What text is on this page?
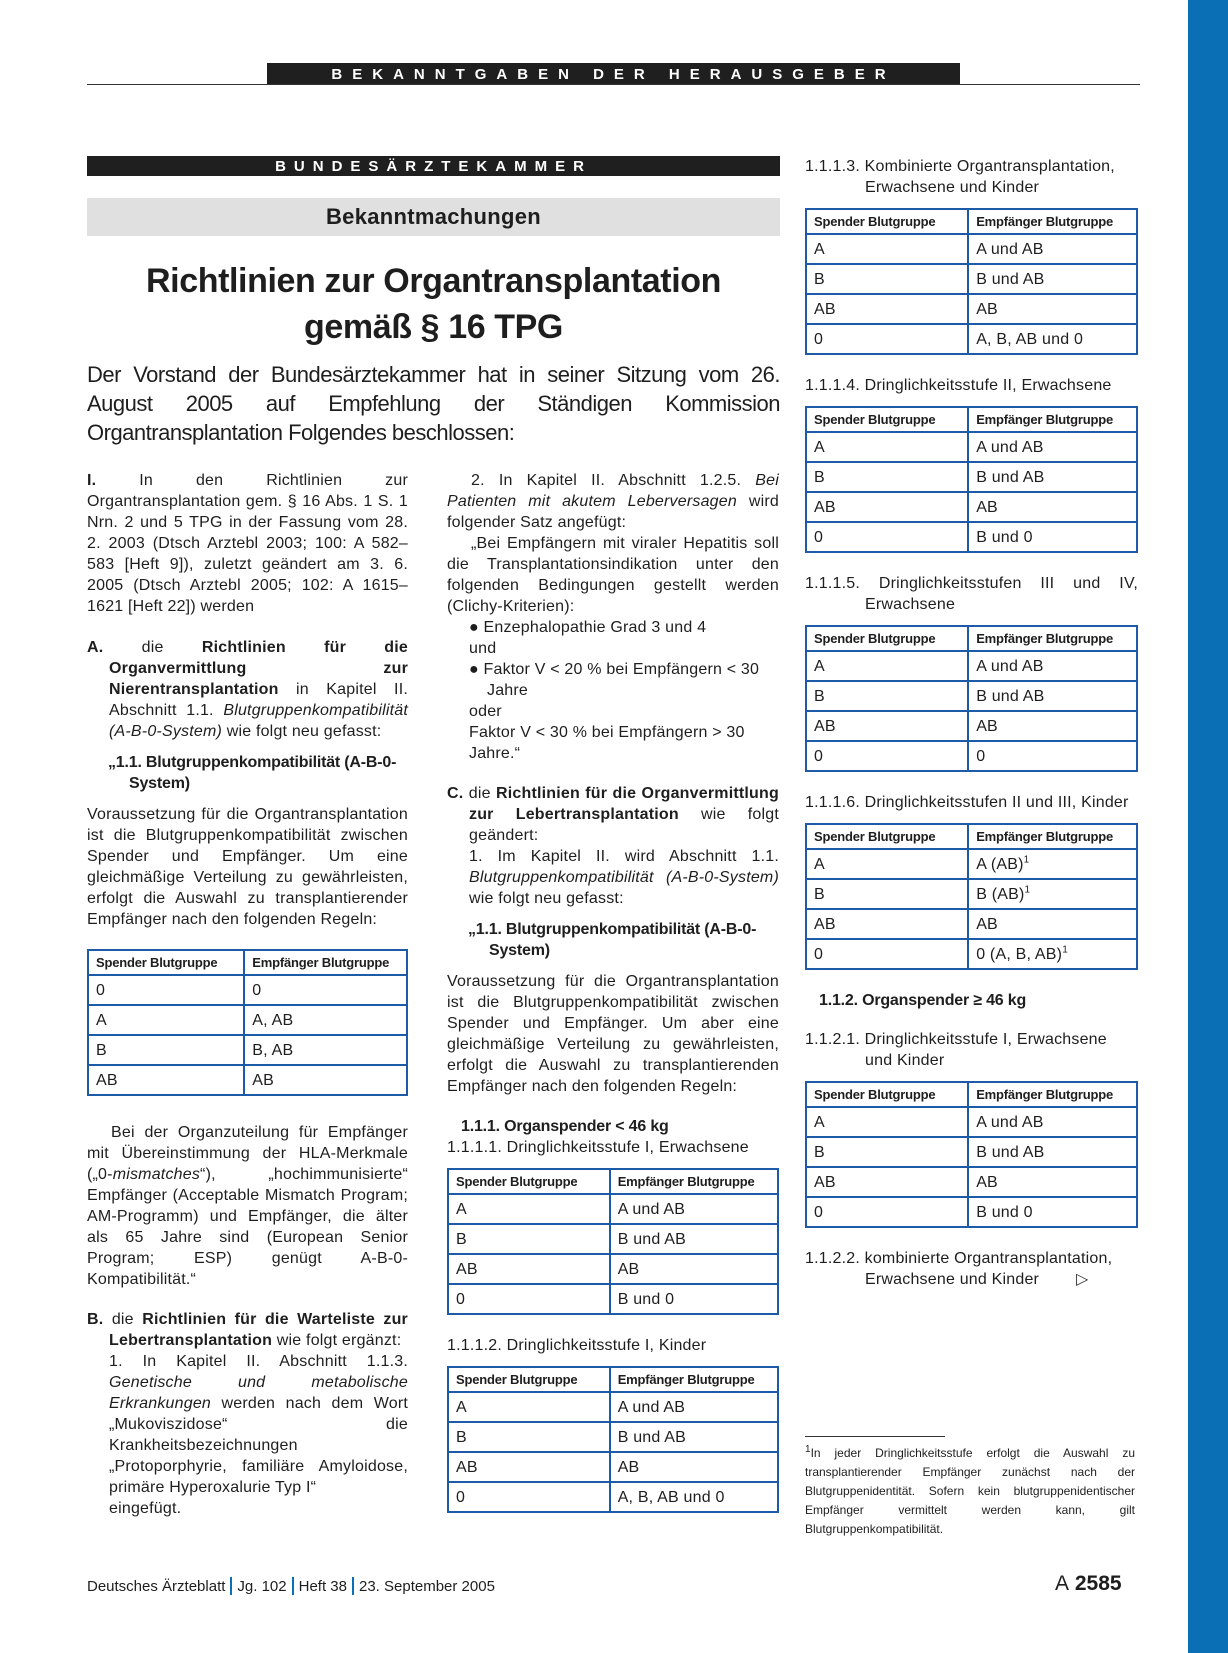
BEKANNTGABEN DER HERAUSGEBER
BUNDESÄRZTEKAMMER
Bekanntmachungen
Richtlinien zur Organtransplantation
gemäß § 16 TPG
Der Vorstand der Bundesärztekammer hat in seiner Sitzung vom 26. August 2005 auf Empfehlung der Ständigen Kommission Organtransplantation Folgendes beschlossen:

I.	In den Richtlinien zur Organtransplantation gem. § 16 Abs. 1 S. 1 Nrn. 2 und 5 TPG in der Fassung vom 28. 2. 2003 (Dtsch Arztebl 2003; 100: A 582–583 [Heft 9]), zuletzt geändert am 3. 6. 2005 (Dtsch Arztebl 2005; 102: A 1615–1621 [Heft 22]) werden

A. die Richtlinien für die Organvermittlung zur Nierentransplantation in Kapitel II. Abschnitt 1.1. Blutgruppenkompatibilität (A-B-0-System) wie folgt neu gefasst:

„1.1. Blutgruppenkompatibilität (A-B-0-System)

Voraussetzung für die Organtransplantation ist die Blutgruppenkompatibilität zwischen Spender und Empfänger. Um eine gleichmäßige Verteilung zu gewährleisten, erfolgt die Auswahl zu transplantierender Empfänger nach den folgenden Regeln:

Spender Blutgruppe	Empfänger Blutgruppe
0	0
A	A, AB
B	B, AB
AB	AB

Bei der Organzuteilung für Empfänger mit Übereinstimmung der HLA-Merkmale („0-mismatches“), „hochimmunisierte“ Empfänger (Acceptable Mismatch Program; AM-Programm) und Empfänger, die älter als 65 Jahre sind (European Senior Program; ESP) genügt A-B-0-Kompatibilität.“

B. die Richtlinien für die Warteliste zur Lebertransplantation wie folgt ergänzt:

1. In Kapitel II. Abschnitt 1.1.3. Genetische und metabolische Erkrankungen werden nach dem Wort „Mukoviszidose“ die Krankheitsbezeichnungen

„Protoporphyrie, familiäre Amyloidose, primäre Hyperoxalurie Typ I“

eingefügt.

2. In Kapitel II. Abschnitt 1.2.5. Bei Patienten mit akutem Leberversagen wird folgender Satz angefügt:

„Bei Empfängern mit viraler Hepatitis soll die Transplantationsindikation unter den folgenden Bedingungen gestellt werden (Clichy-Kriterien):

● Enzephalopathie Grad 3 und 4

und

● Faktor V < 20 % bei Empfängern < 30 Jahre

oder

Faktor V < 30 % bei Empfängern > 30 Jahre.“

C. die Richtlinien für die Organvermittlung zur Lebertransplantation wie folgt geändert:

1. Im Kapitel II. wird Abschnitt 1.1. Blutgruppenkompatibilität (A-B-0-System) wie folgt neu gefasst:

„1.1. Blutgruppenkompatibilität (A-B-0-System)

Voraussetzung für die Organtransplantation ist die Blutgruppenkompatibilität zwischen Spender und Empfänger. Um aber eine gleichmäßige Verteilung zu gewährleisten, erfolgt die Auswahl zu transplantierenden Empfänger nach den folgenden Regeln:

1.1.1. Organspender < 46 kg

1.1.1.1. Dringlichkeitsstufe I, Erwachsene

Spender Blutgruppe	Empfänger Blutgruppe
A	A und AB
B	B und AB
AB	AB
0	B und 0

1.1.1.2. Dringlichkeitsstufe I, Kinder

Spender Blutgruppe	Empfänger Blutgruppe
A	A und AB
B	B und AB
AB	AB
0	A, B, AB und 0

1.1.1.3. Kombinierte Organtransplantation, Erwachsene und Kinder

Spender Blutgruppe	Empfänger Blutgruppe
A	A und AB
B	B und AB
AB	AB
0	A, B, AB und 0

1.1.1.4. Dringlichkeitsstufe II, Erwachsene

Spender Blutgruppe	Empfänger Blutgruppe
A	A und AB
B	B und AB
AB	AB
0	B und 0

1.1.1.5. Dringlichkeitsstufen III und IV, Erwachsene

Spender Blutgruppe	Empfänger Blutgruppe
A	A und AB
B	B und AB
AB	AB
0	0

1.1.1.6. Dringlichkeitsstufen II und III, Kinder

Spender Blutgruppe	Empfänger Blutgruppe
A	A (AB)$^1$
B	B (AB)$^1$
AB	AB
0	0 (A, B, AB)$^1$

1.1.2. Organspender ≥ 46 kg

1.1.2.1. Dringlichkeitsstufe I, Erwachsene und Kinder

Spender Blutgruppe	Empfänger Blutgruppe
A	A und AB
B	B und AB
AB	AB
0	B und 0

1.1.2.2. kombinierte Organtransplantation, Erwachsene und Kinder ▷

$^1$In jeder Dringlichkeitsstufe erfolgt die Auswahl zu transplantierender Empfänger zunächst nach der Blutgruppenidentität. Sofern kein blutgruppenidentischer Empfänger vermittelt werden kann, gilt Blutgruppenkompatibilität.
Deutsches Ärzteblatt Jg. 102 Heft 38 23. September 2005	A 2585
